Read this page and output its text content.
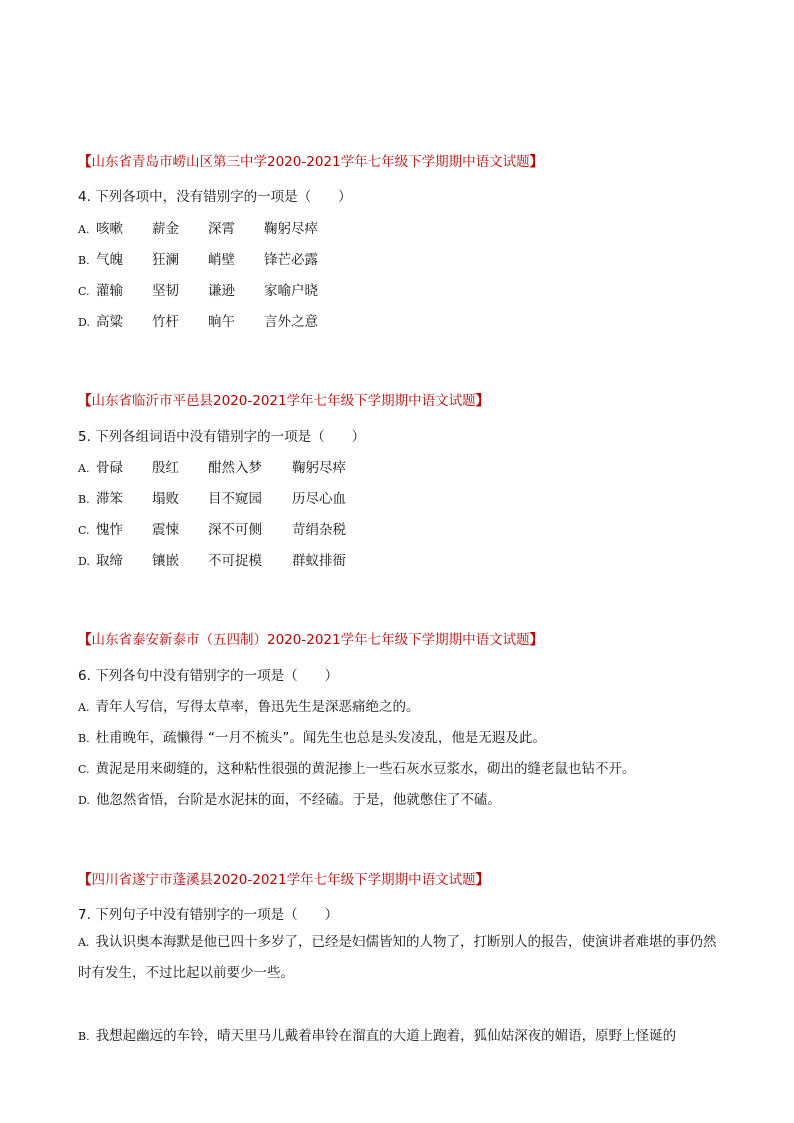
【山东省青岛市崂山区第三中学2020-2021学年七年级下学期期中语文试题】
4. 下列各项中，没有错别字的一项是（　　）
A. 咳嗽 薪金 深霄 鞠躬尽瘁
B. 气魄 狂澜 峭壁 锋芒必露
C. 灌输 坚韧 谦逊 家喻户晓
D. 高粱 竹杆 晌午 言外之意
【山东省临沂市平邑县2020-2021学年七年级下学期期中语文试题】
5. 下列各组词语中没有错别字的一项是（　　）
A. 骨碌 殷红 酣然入梦 鞠躬尽瘁
B. 滞笨 塌败 目不窥园 历尽心血
C. 愧怍 震悚 深不可侧 苛绢杂税
D. 取缔 镶嵌 不可捉模 群蚁排衙
【山东省泰安新泰市（五四制）2020-2021学年七年级下学期期中语文试题】
6. 下列各句中没有错别字的一项是（　　）
A. 青年人写信，写得太草率，鲁迅先生是深恶痛绝之的。
B. 杜甫晚年，疏懒得 “一月不梳头”。闻先生也总是头发凌乱，他是无遐及此。
C. 黄泥是用来砌缝的，这种粘性很强的黄泥掺上一些石灰水豆浆水，砌出的缝老鼠也钻不开。
D. 他忽然省悟，台阶是水泥抹的面，不经磕。于是，他就憋住了不磕。
【四川省遂宁市蓬溪县2020-2021学年七年级下学期期中语文试题】
7. 下列句子中没有错别字的一项是（　　）
A. 我认识奥本海默是他已四十多岁了，已经是妇儒皆知的人物了，打断别人的报告，使演讲者难堪的事仍然时有发生，不过比起以前要少一些。
B. 我想起幽远的车铃，晴天里马儿戴着串铃在溜直的大道上跑着，狐仙姑深夜的媚语，原野上怪诞的
